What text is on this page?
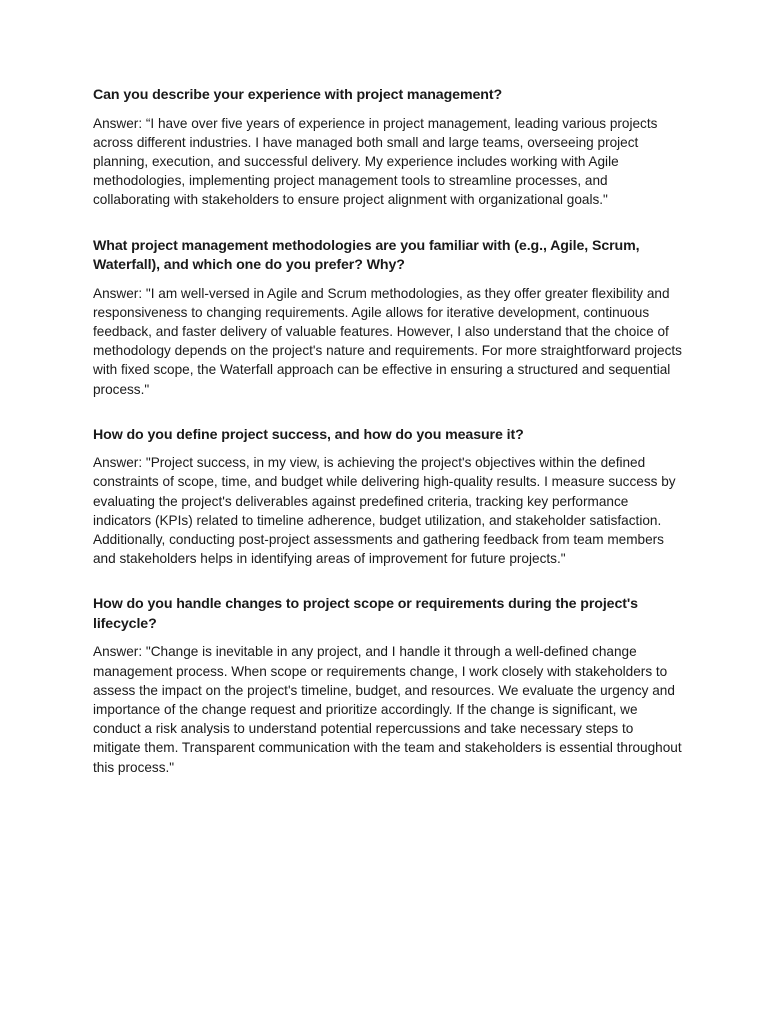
Can you describe your experience with project management?

Answer: “I have over five years of experience in project management, leading various projects across different industries. I have managed both small and large teams, overseeing project planning, execution, and successful delivery. My experience includes working with Agile methodologies, implementing project management tools to streamline processes, and collaborating with stakeholders to ensure project alignment with organizational goals."

What project management methodologies are you familiar with (e.g., Agile, Scrum, Waterfall), and which one do you prefer? Why?

Answer: "I am well-versed in Agile and Scrum methodologies, as they offer greater flexibility and responsiveness to changing requirements. Agile allows for iterative development, continuous feedback, and faster delivery of valuable features. However, I also understand that the choice of methodology depends on the project's nature and requirements. For more straightforward projects with fixed scope, the Waterfall approach can be effective in ensuring a structured and sequential process."

How do you define project success, and how do you measure it?

Answer: "Project success, in my view, is achieving the project's objectives within the defined constraints of scope, time, and budget while delivering high-quality results. I measure success by evaluating the project's deliverables against predefined criteria, tracking key performance indicators (KPIs) related to timeline adherence, budget utilization, and stakeholder satisfaction. Additionally, conducting post-project assessments and gathering feedback from team members and stakeholders helps in identifying areas of improvement for future projects."

How do you handle changes to project scope or requirements during the project's lifecycle?

Answer: "Change is inevitable in any project, and I handle it through a well-defined change management process. When scope or requirements change, I work closely with stakeholders to assess the impact on the project's timeline, budget, and resources. We evaluate the urgency and importance of the change request and prioritize accordingly. If the change is significant, we conduct a risk analysis to understand potential repercussions and take necessary steps to mitigate them. Transparent communication with the team and stakeholders is essential throughout this process."
